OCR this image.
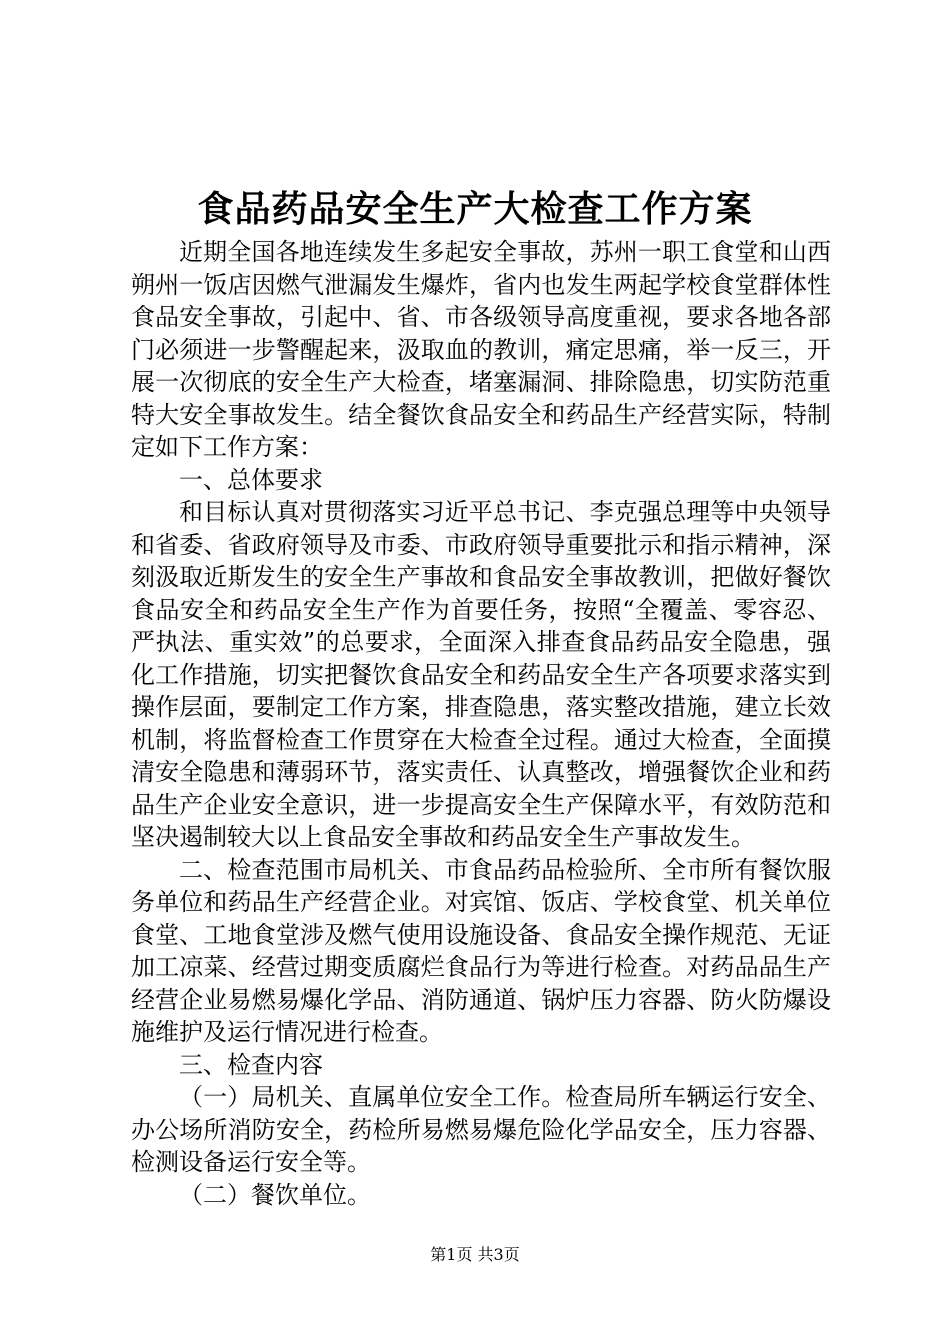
食品药品安全生产大检查工作方案

近期全国各地连续发生多起安全事故，苏州一职工食堂和山西朔州一饭店因燃气泄漏发生爆炸，省内也发生两起学校食堂群体性食品安全事故，引起中、省、市各级领导高度重视，要求各地各部门必须进一步警醒起来，汲取血的教训，痛定思痛，举一反三，开展一次彻底的安全生产大检查，堵塞漏洞、排除隐患，切实防范重特大安全事故发生。结全餐饮食品安全和药品生产经营实际，特制定如下工作方案：

一、总体要求

和目标认真对贯彻落实习近平总书记、李克强总理等中央领导和省委、省政府领导及市委、市政府领导重要批示和指示精神，深刻汲取近斯发生的安全生产事故和食品安全事故教训，把做好餐饮食品安全和药品安全生产作为首要任务，按照“全覆盖、零容忍、严执法、重实效”的总要求，全面深入排查食品药品安全隐患，强化工作措施，切实把餐饮食品安全和药品安全生产各项要求落实到操作层面，要制定工作方案，排查隐患，落实整改措施，建立长效机制，将监督检查工作贯穿在大检查全过程。通过大检查，全面摸清安全隐患和薄弱环节，落实责任、认真整改，增强餐饮企业和药品生产企业安全意识，进一步提高安全生产保障水平，有效防范和坚决遏制较大以上食品安全事故和药品安全生产事故发生。

二、检查范围市局机关、市食品药品检验所、全市所有餐饮服务单位和药品生产经营企业。对宾馆、饭店、学校食堂、机关单位食堂、工地食堂涉及燃气使用设施设备、食品安全操作规范、无证加工凉菜、经营过期变质腐烂食品行为等进行检查。对药品品生产经营企业易燃易爆化学品、消防通道、锅炉压力容器、防火防爆设施维护及运行情况进行检查。

三、检查内容

（一）局机关、直属单位安全工作。检查局所车辆运行安全、办公场所消防安全，药检所易燃易爆危险化学品安全，压力容器、检测设备运行安全等。

（二）餐饮单位。

第1页 共3页
